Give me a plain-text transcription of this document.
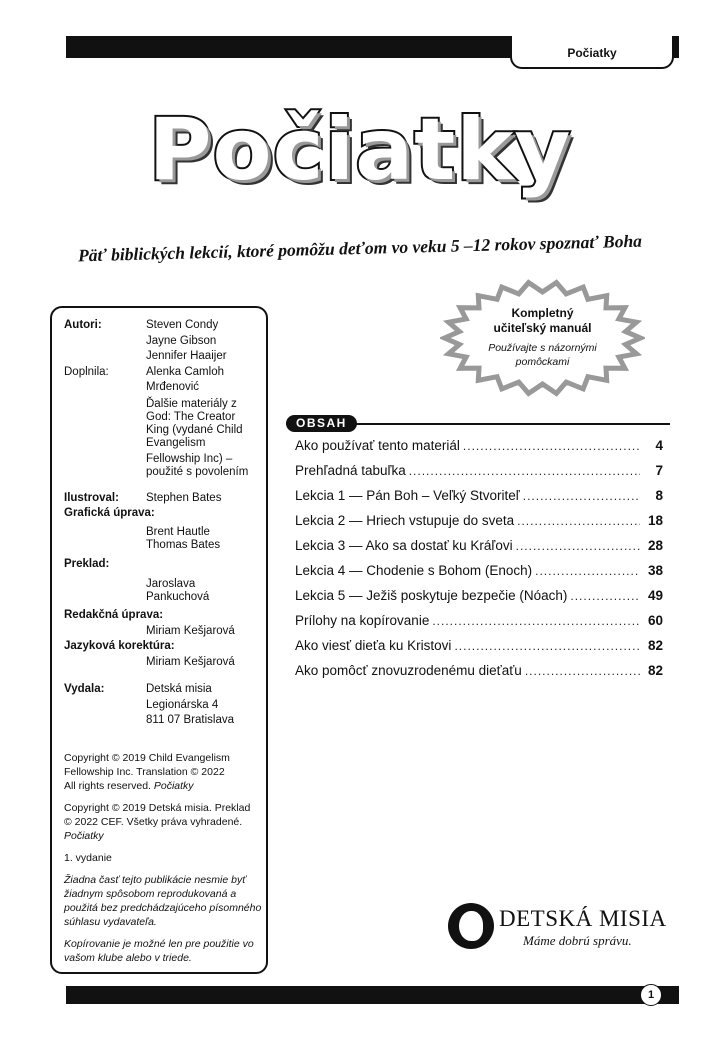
Počiatky
Počiatky
Päť biblických lekcií, ktoré pomôžu deťom vo veku 5 –12 rokov spoznať Boha
Kompletný
učiteľský manuál
Používajte s názornými
pomôckami
Autori:	Steven Condy
Jayne Gibson
Jennifer Haaijer
Doplnila:	Alenka Camloh
Mrđenović
Ďalšie materiály z
God: The Creator
King (vydané Child
Evangelism
Fellowship Inc) –
použité s povolením
Ilustroval:	Stephen Bates
Grafická úprava:
Brent Hautle
Thomas Bates
Preklad:
Jaroslava
Pankuchová
Redakčná úprava:
Miriam Kešjarová
Jazyková korektúra:
Miriam Kešjarová
Vydala:	Detská misia
Legionárska 4
811 07 Bratislava
Copyright © 2019 Child Evangelism
Fellowship Inc. Translation © 2022
All rights reserved. Počiatky
Copyright © 2019 Detská misia. Preklad
© 2022 CEF. Všetky práva vyhradené.
Počiatky
1. vydanie
Žiadna časť tejto publikácie nesmie byť
žiadnym spôsobom reprodukovaná a
použitá bez predchádzajúceho písomného
súhlasu vydavateľa.
Kopírovanie je možné len pre použitie vo
vašom klube alebo v triede.
OBSAH
Ako používať tento materiál .....	4
Prehľadná tabuľka .....	7
Lekcia 1 — Pán Boh – Veľký Stvoriteľ .....	8
Lekcia 2 — Hriech vstupuje do sveta .....	18
Lekcia 3 — Ako sa dostať ku Kráľovi .....	28
Lekcia 4 — Chodenie s Bohom (Enoch) .....	38
Lekcia 5 — Ježiš poskytuje bezpečie (Nóach) .....	49
Prílohy na kopírovanie .....	60
Ako viesť dieťa ku Kristovi .....	82
Ako pomôcť znovuzrodenému dieťaťu .....	82
DETSKÁ MISIA
Máme dobrú správu.
1
